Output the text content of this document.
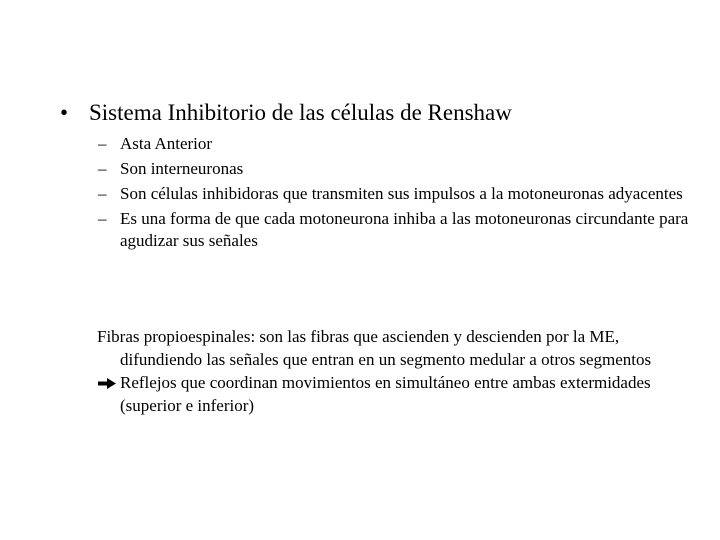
• Sistema Inhibitorio de las células de Renshaw
– Asta Anterior
– Son interneuronas
– Son células inhibidoras que transmiten sus impulsos a la motoneuronas adyacentes
– Es una forma de que cada motoneurona inhiba a las motoneuronas circundante para agudizar sus señales
Fibras propioespinales: son las fibras que ascienden y descienden por la ME, difundiendo las señales que entran en un segmento medular a otros segmentos
Reflejos que coordinan movimientos en simultáneo entre ambas extermidades (superior e inferior)
